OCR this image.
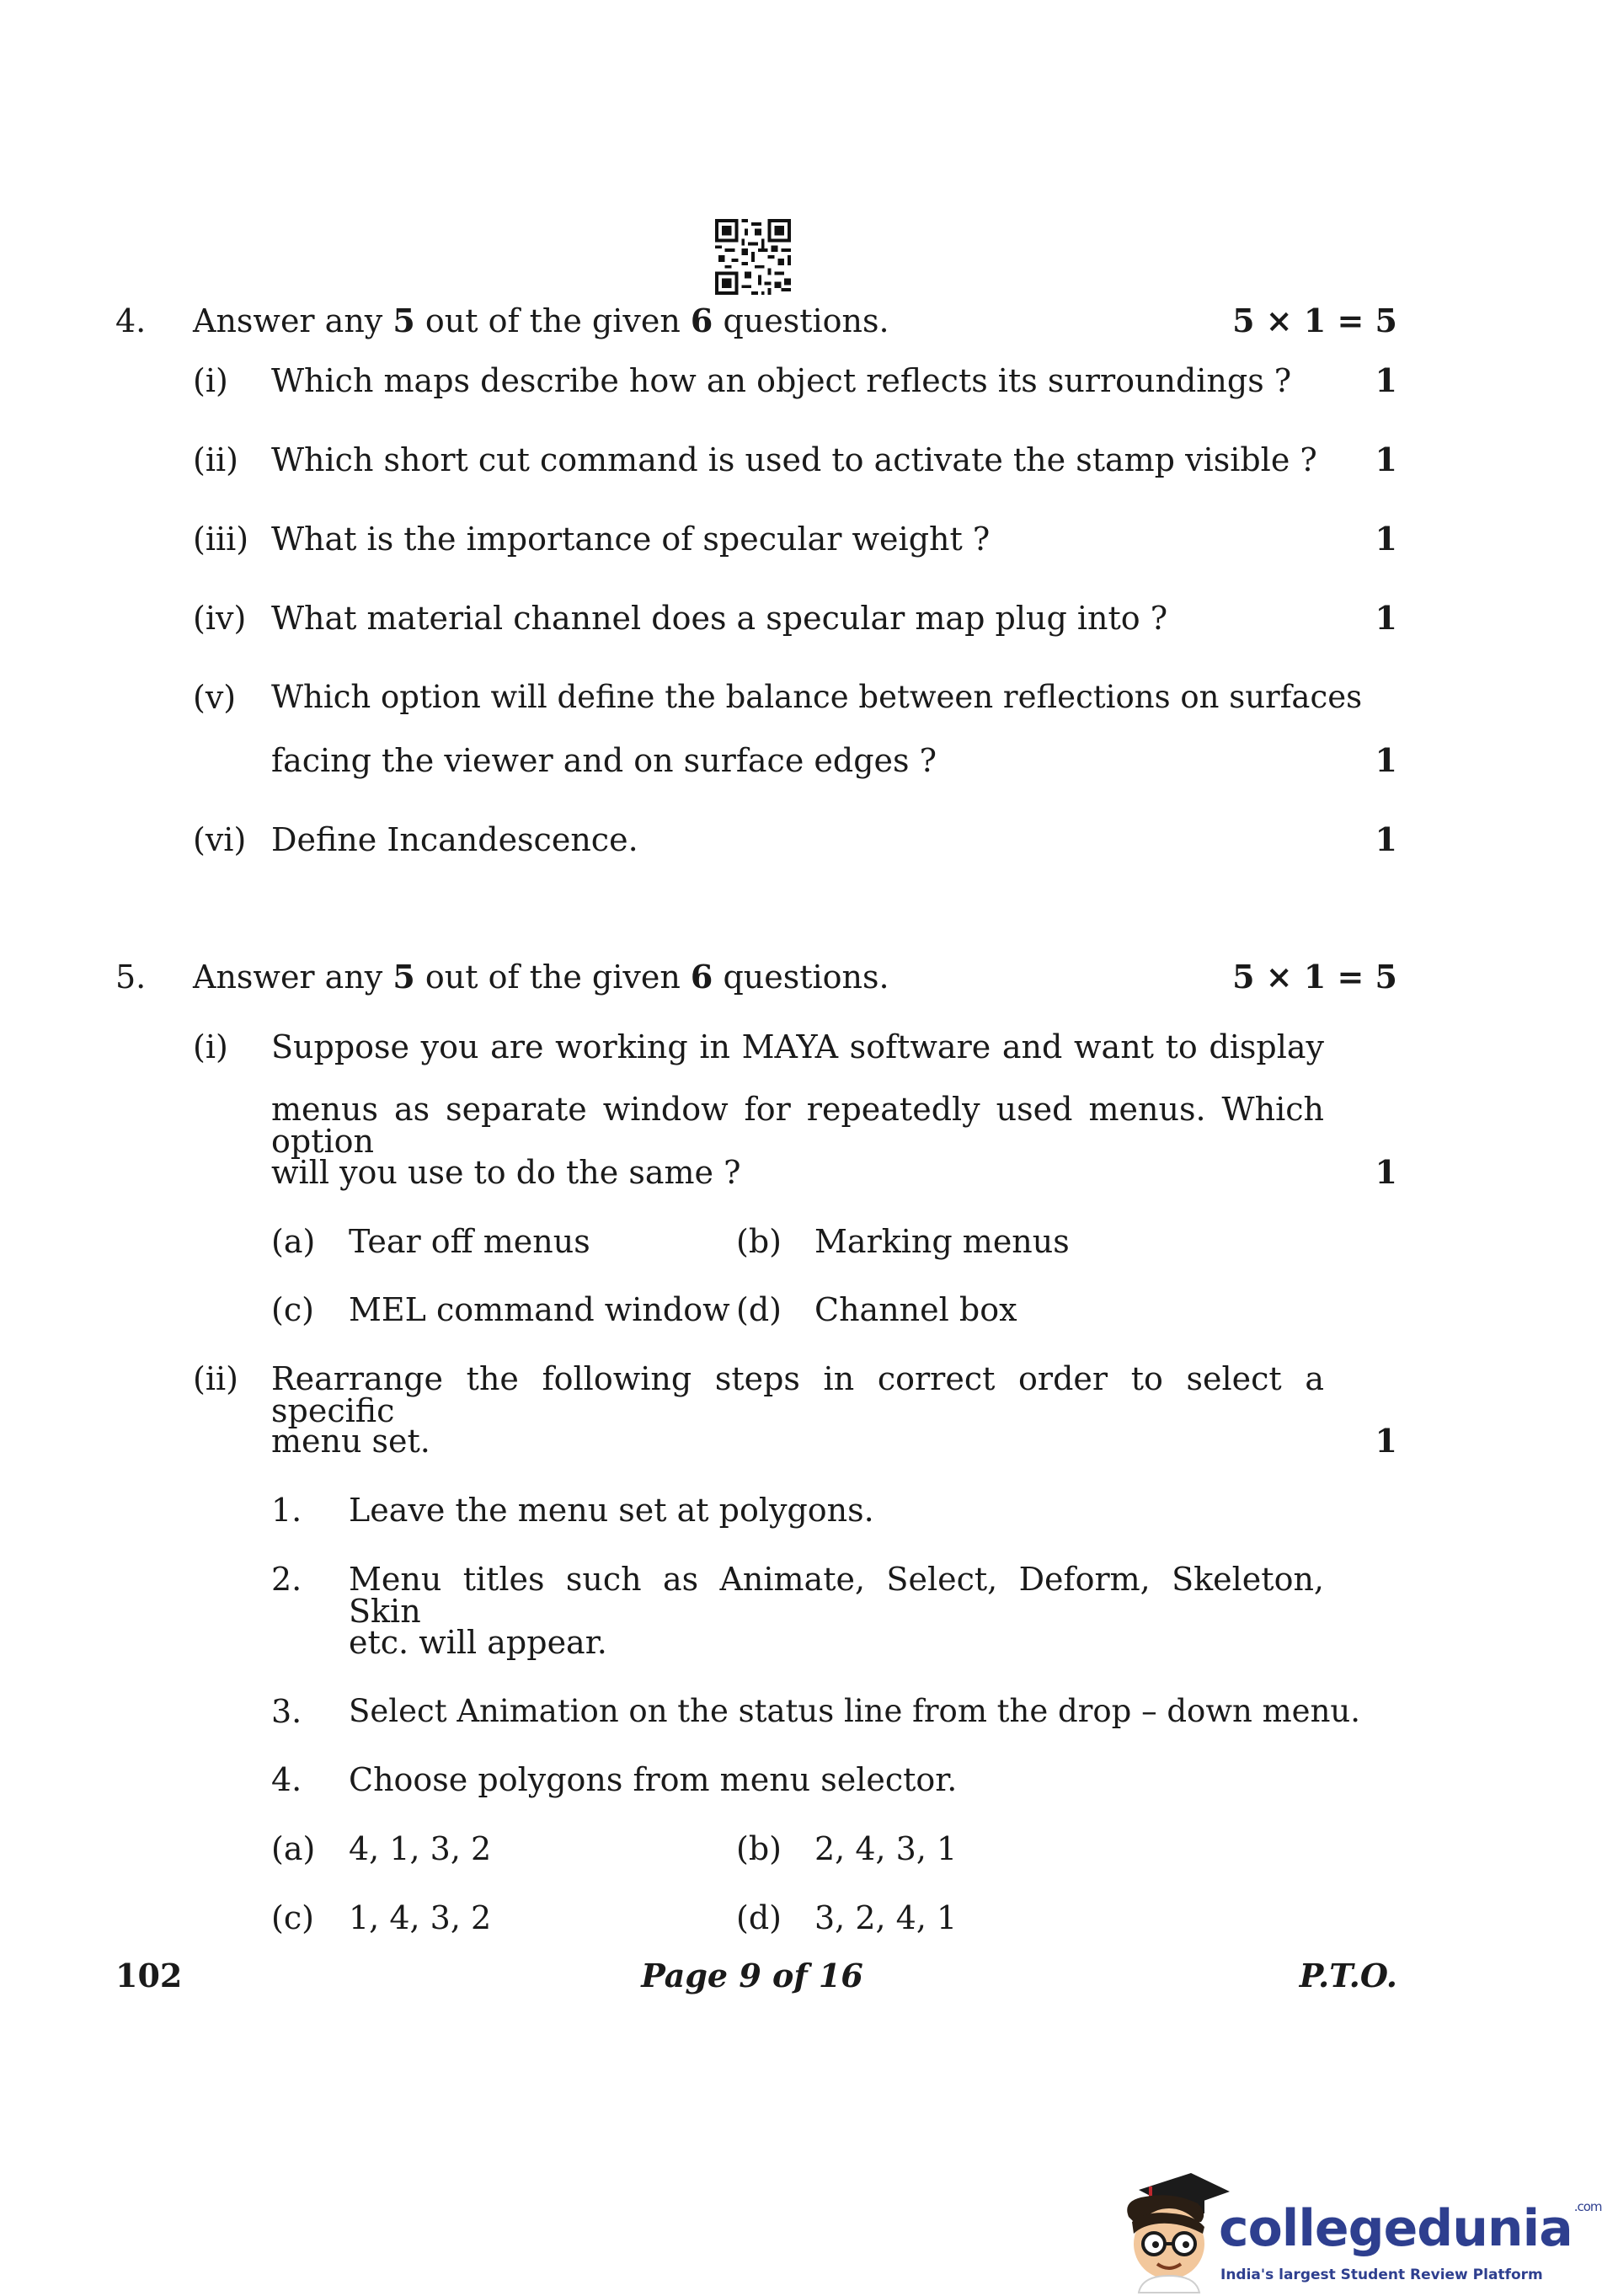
4. Answer any 5 out of the given 6 questions.	5 × 1 = 5
(i) Which maps describe how an object reflects its surroundings ?	1
(ii) Which short cut command is used to activate the stamp visible ? 1
(iii) What is the importance of specular weight ?	1
(iv) What material channel does a specular map plug into ?	1
(v) Which option will define the balance between reflections on surfaces
facing the viewer and on surface edges ?	1
(vi) Define Incandescence.	1
5. Answer any 5 out of the given 6 questions.	5 × 1 = 5
(i) Suppose you are working in MAYA software and want to display
menus as separate window for repeatedly used menus. Which option
will you use to do the same ?	1
(a) Tear off menus	(b) Marking menus
(c) MEL command window (d) Channel box
(ii) Rearrange the following steps in correct order to select a specific
menu set.	1
1. Leave the menu set at polygons.
2. Menu titles such as Animate, Select, Deform, Skeleton, Skin
etc. will appear.
3. Select Animation on the status line from the drop – down menu.
4. Choose polygons from menu selector.
(a) 4, 1, 3, 2	(b) 2, 4, 3, 1
(c) 1, 4, 3, 2	(d) 3, 2, 4, 1
102	Page 9 of 16	P.T.O.
collegedunia $^{.com}$
India's largest Student Review Platform
